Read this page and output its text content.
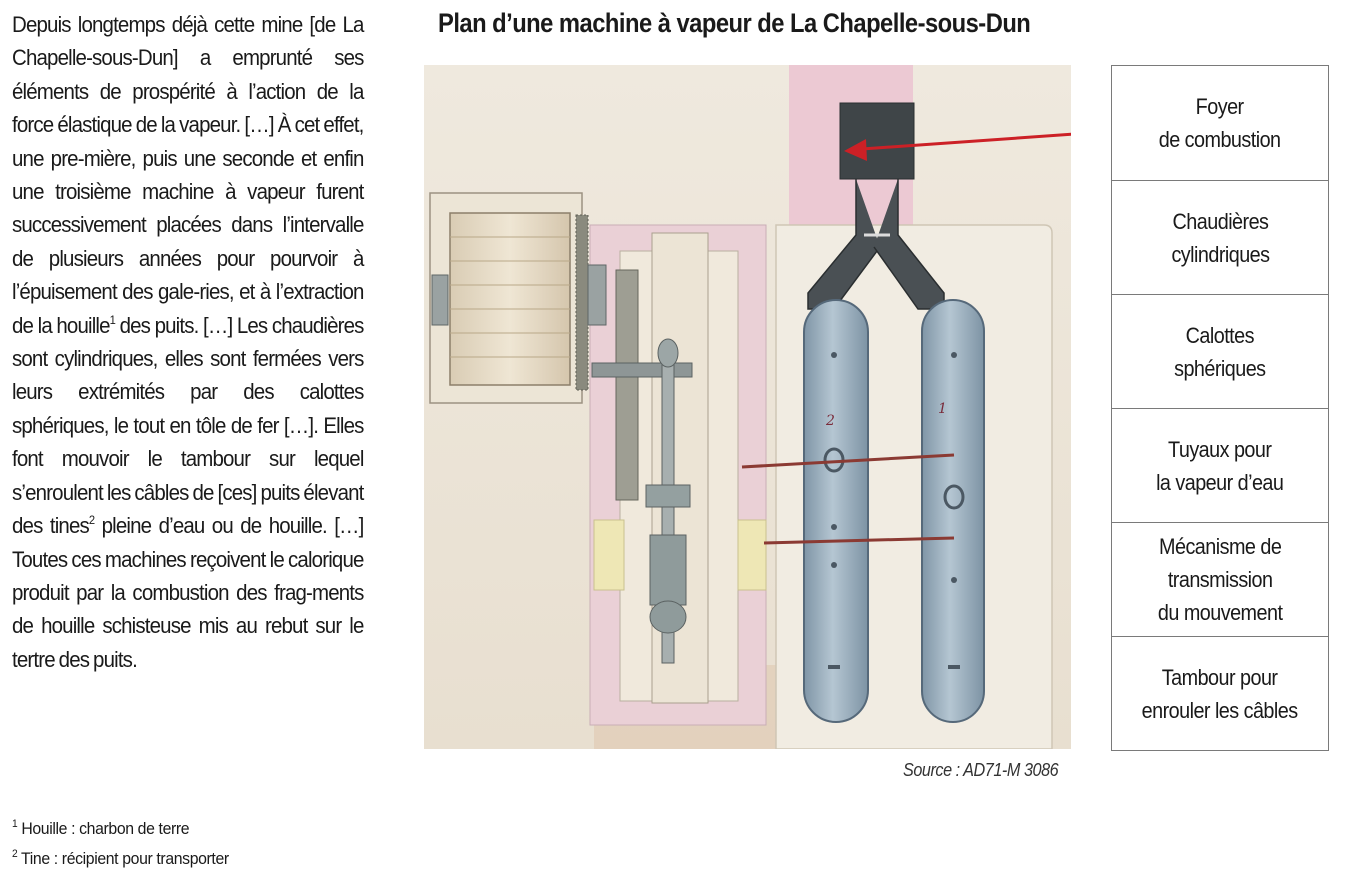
Depuis longtemps déjà cette mine [de La Chapelle-sous-Dun] a emprunté ses éléments de prospérité à l’action de la force élastique de la vapeur. […] À cet effet, une pre-mière, puis une seconde et enfin une troisième machine à vapeur furent successivement placées dans l’intervalle de plusieurs années pour pourvoir à l’épuisement des gale-ries, et à l’extraction de la houille$^1$ des puits. […] Les chaudières sont cylindriques, elles sont fermées vers leurs extrémités par des calottes sphériques, le tout en tôle de fer […]. Elles font mouvoir le tambour sur lequel s’enroulent les câbles de [ces] puits élevant des tines$^2$ pleine d’eau ou de houille. […] Toutes ces machines reçoivent le calorique produit par la combustion des frag-ments de houille schisteuse mis au rebut sur le tertre des puits.
$^1$ Houille : charbon de terre
$^2$ Tine : récipient pour transporter
Plan d’une machine à vapeur de La Chapelle-sous-Dun
2
1
Source : AD71-M 3086
Foyer
de combustion
Chaudières
cylindriques
Calottes
sphériques
Tuyaux pour
la vapeur d’eau
Mécanisme de
transmission
du mouvement
Tambour pour
enrouler les câbles
